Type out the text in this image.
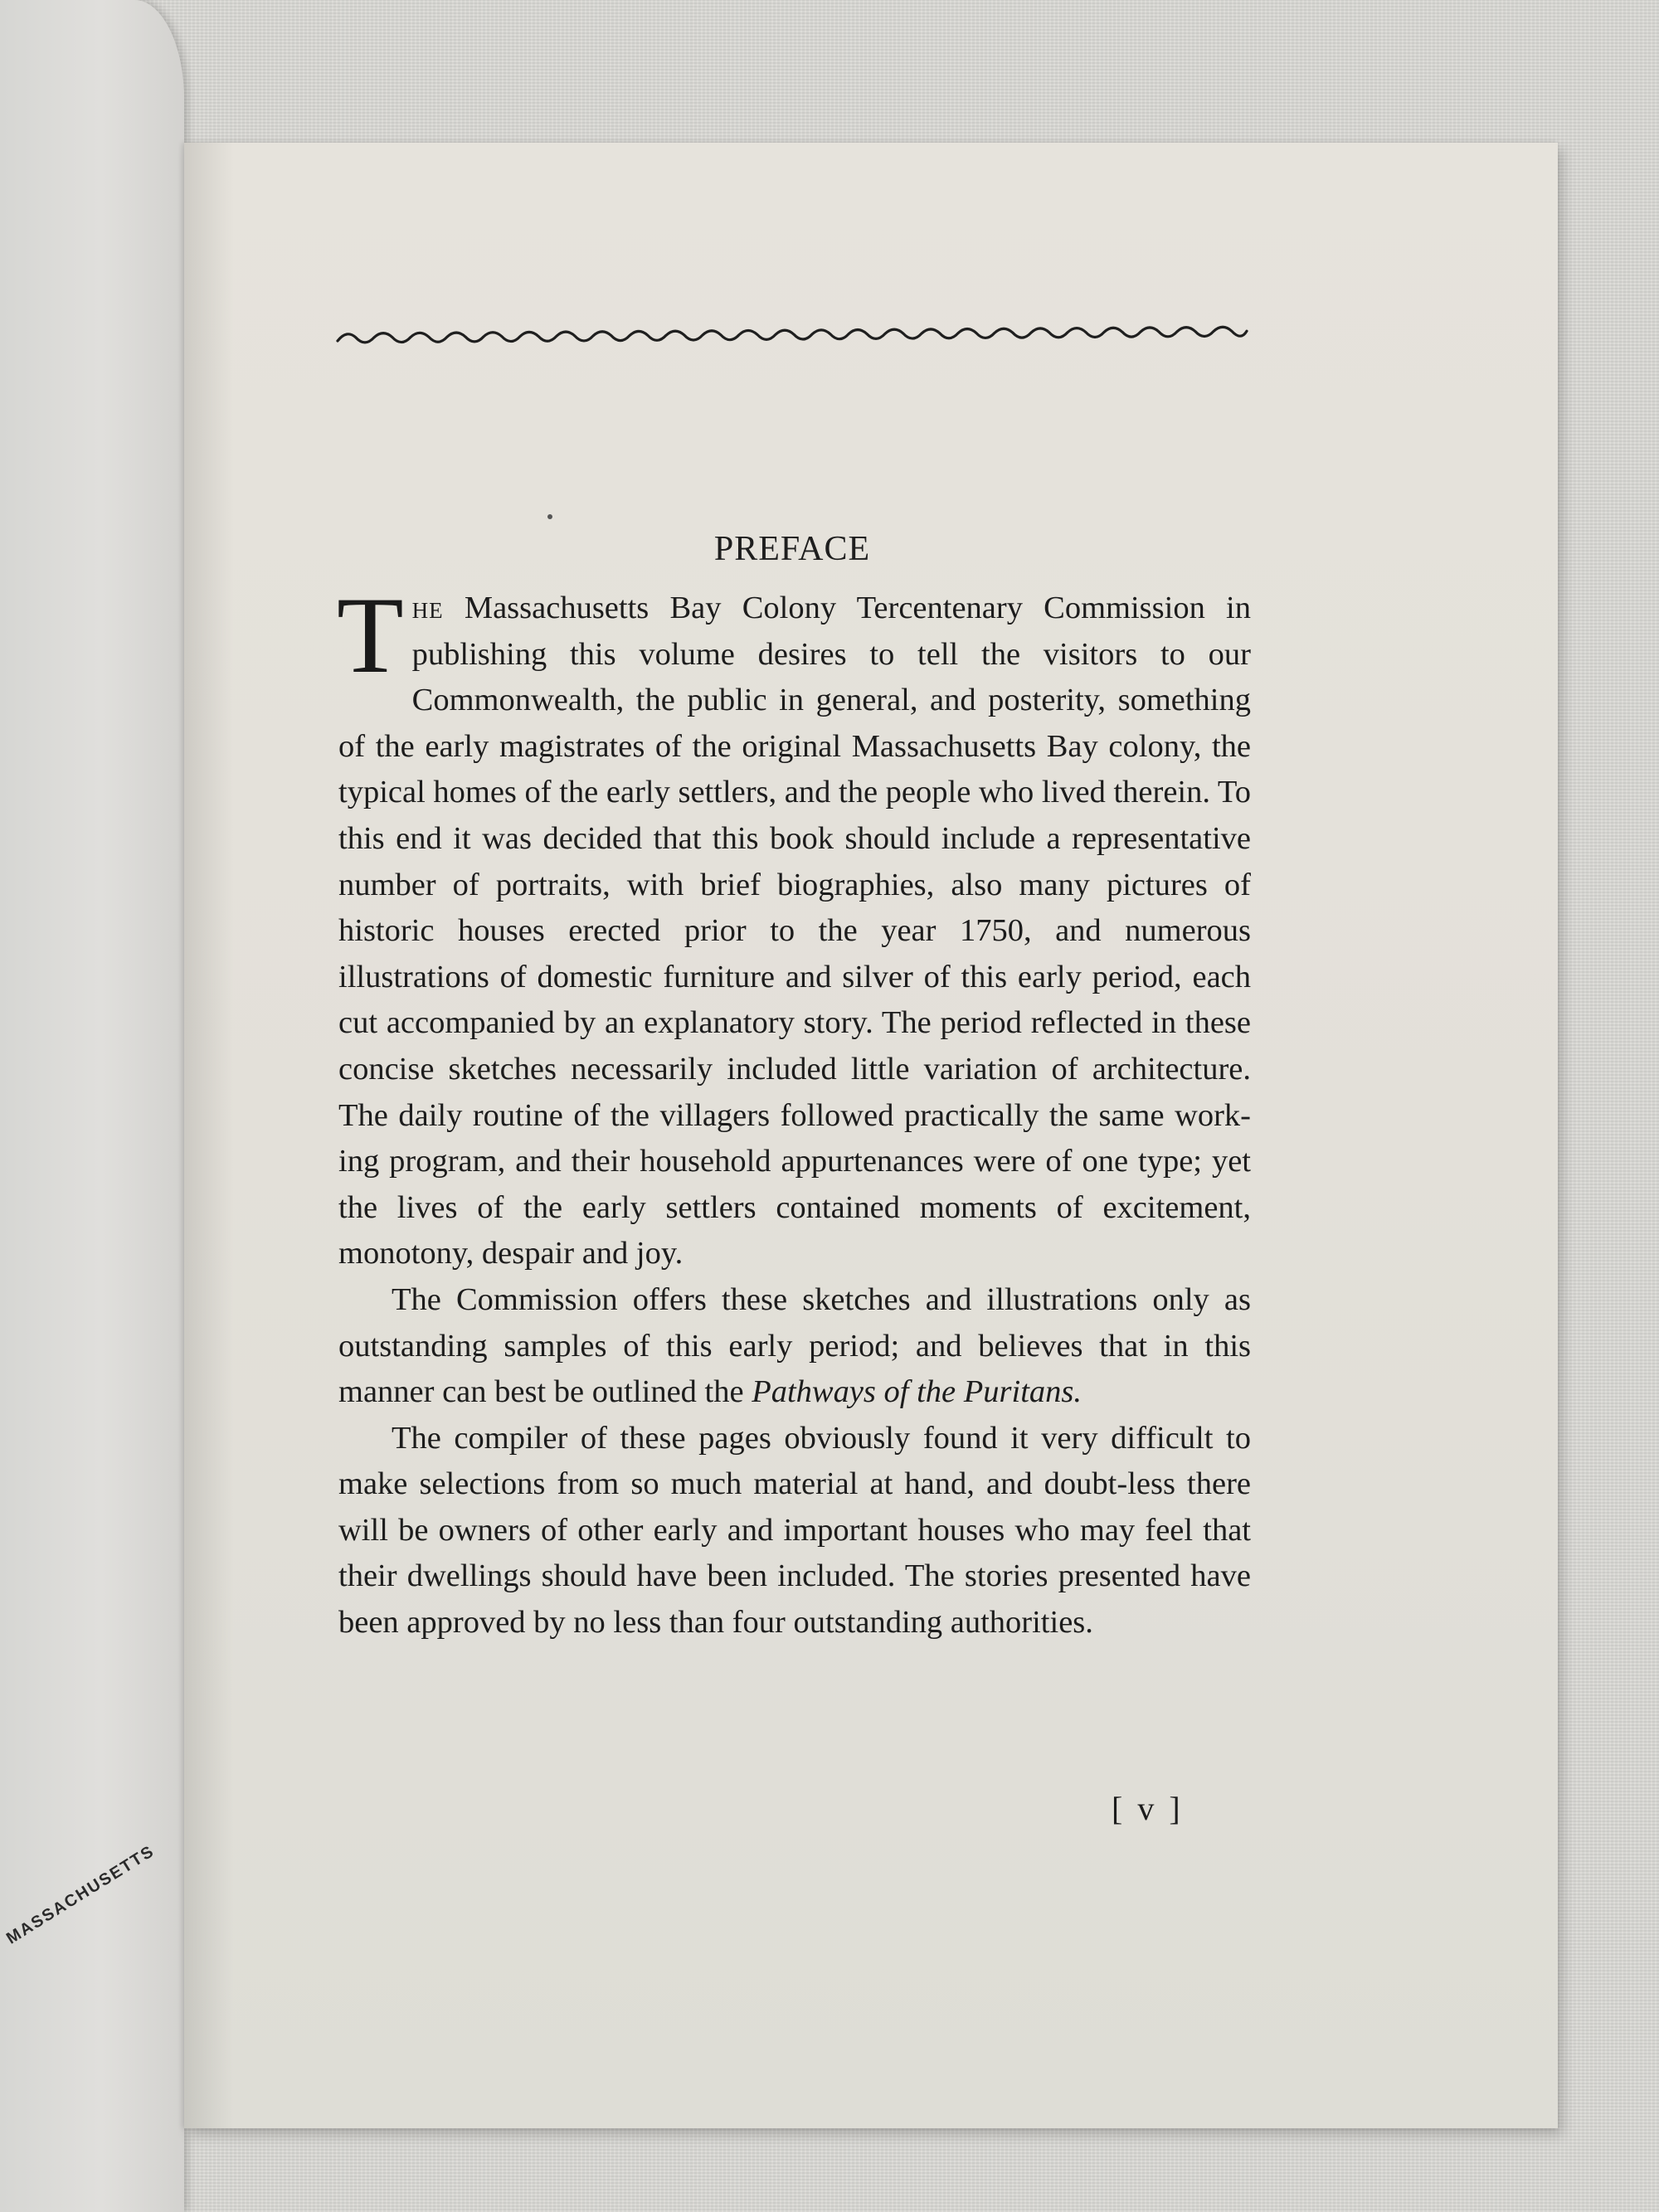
MASSACHUSETTS
PREFACE

The Massachusetts Bay Colony Tercentenary Commission in publishing this volume desires to tell the visitors to our Commonwealth, the public in general, and posterity, something of the early magistrates of the original Massachusetts Bay colony, the typical homes of the early settlers, and the people who lived therein. To this end it was decided that this book should include a representative number of portraits, with brief biographies, also many pictures of historic houses erected prior to the year 1750, and numerous illustrations of domestic furniture and silver of this early period, each cut accompanied by an explanatory story. The period reflected in these concise sketches necessarily included little variation of architecture. The daily routine of the villagers followed practically the same work-ing program, and their household appurtenances were of one type; yet the lives of the early settlers contained moments of excitement, monotony, despair and joy.

The Commission offers these sketches and illustrations only as outstanding samples of this early period; and believes that in this manner can best be outlined the Pathways of the Puritans.

The compiler of these pages obviously found it very difficult to make selections from so much material at hand, and doubt-less there will be owners of other early and important houses who may feel that their dwellings should have been included. The stories presented have been approved by no less than four outstanding authorities.

[ v ]
